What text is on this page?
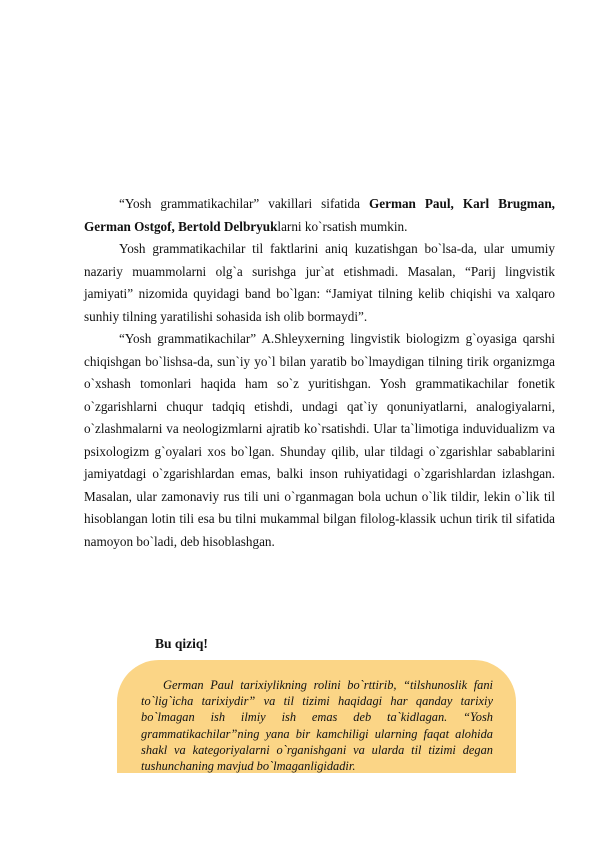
“Yosh grammatikachilar” vakillari sifatida German Paul, Karl Brugman, German Ostgof, Bertold Delbryuklarni ko`rsatish mumkin.

Yosh grammatikachilar til faktlarini aniq kuzatishgan bo`lsa-da, ular umumiy nazariy muammolarni olg`a surishga jur`at etishmadi. Masalan, “Parij lingvistik jamiyati” nizomida quyidagi band bo`lgan: “Jamiyat tilning kelib chiqishi va xalqaro sunhiy tilning yaratilishi sohasida ish olib bormaydi”.

“Yosh grammatikachilar” A.Shleyxerning lingvistik biologizm g`oyasiga qarshi chiqishgan bo`lishsa-da, sun`iy yo`l bilan yaratib bo`lmaydigan tilning tirik organizmga o`xshash tomonlari haqida ham so`z yuritishgan. Yosh grammatikachilar fonetik o`zgarishlarni chuqur tadqiq etishdi, undagi qat`iy qonuniyatlarni, analogiyalarni, o`zlashmalarni va neologizmlarni ajratib ko`rsatishdi. Ular ta`limotiga induvidualizm va psixologizm g`oyalari xos bo`lgan. Shunday qilib, ular tildagi o`zgarishlar sabablarini jamiyatdagi o`zgarishlardan emas, balki inson ruhiyatidagi o`zgarishlardan izlashgan. Masalan, ular zamonaviy rus tili uni o`rganmagan bola uchun o`lik tildir, lekin o`lik til hisoblangan lotin tili esa bu tilni mukammal bilgan filolog-klassik uchun tirik til sifatida namoyon bo`ladi, deb hisoblashgan.

Bu qiziq!

German Paul tarixiylikning rolini bo`rttirib, “tilshunoslik fani to`lig`icha tarixiydir” va til tizimi haqidagi har qanday tarixiy bo`lmagan ish ilmiy ish emas deb ta`kidlagan. “Yosh grammatikachilar”ning yana bir kamchiligi ularning faqat alohida shakl va kategoriyalarni o`rganishgani va ularda til tizimi degan tushunchaning mavjud bo`lmaganligidadir.
